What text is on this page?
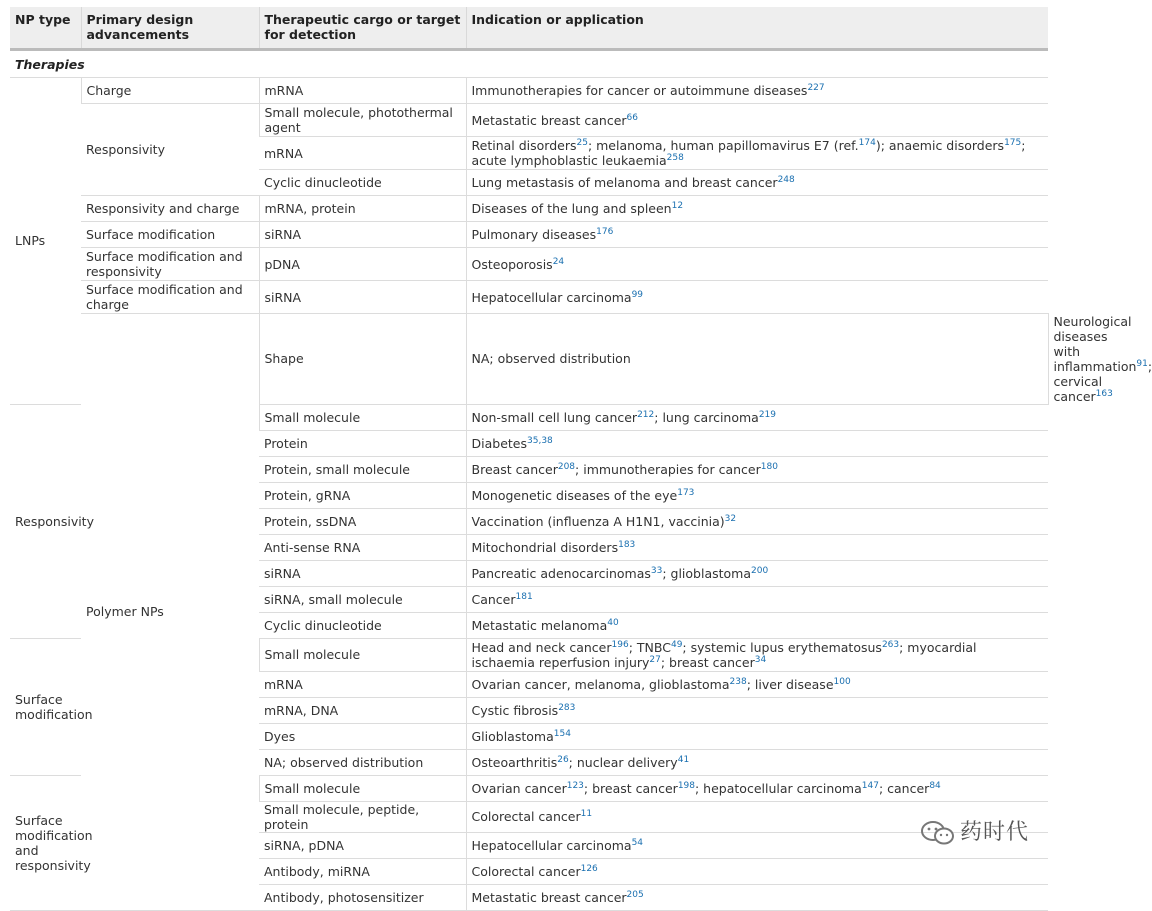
NP type	Primary design advancements	Therapeutic cargo or target for detection	Indication or application	
Therapies				
LNPs	Charge	mRNA	Immunotherapies for cancer or autoimmune diseases$^{227}$
	Responsivity	Small molecule, photothermal agent	Metastatic breast cancer$^{66}$
		mRNA	Retinal disorders$^{25}$; melanoma, human papillomavirus E7 (ref.$^{174}$); anaemic disorders$^{175}$; acute lymphoblastic leukaemia$^{258}$
		Cyclic dinucleotide	Lung metastasis of melanoma and breast cancer$^{248}$
	Responsivity and charge	mRNA, protein	Diseases of the lung and spleen$^{12}$
	Surface modification	siRNA	Pulmonary diseases$^{176}$
	Surface modification and responsivity	pDNA	Osteoporosis$^{24}$
	Surface modification and charge	siRNA	Hepatocellular carcinoma$^{99}$
	Polymer NPs	Shape	NA; observed distribution	Neurological diseases with inflammation$^{91}$; cervical cancer$^{163}$
Responsivity		Small molecule	Non-small cell lung cancer$^{212}$; lung carcinoma$^{219}$
		Protein	Diabetes$^{35,38}$
		Protein, small molecule	Breast cancer$^{208}$; immunotherapies for cancer$^{180}$
		Protein, gRNA	Monogenetic diseases of the eye$^{173}$
		Protein, ssDNA	Vaccination (influenza A H1N1, vaccinia)$^{32}$
		Anti-sense RNA	Mitochondrial disorders$^{183}$
		siRNA	Pancreatic adenocarcinomas$^{33}$; glioblastoma$^{200}$
		siRNA, small molecule	Cancer$^{181}$
		Cyclic dinucleotide	Metastatic melanoma$^{40}$
Surface modification		Small molecule	Head and neck cancer$^{196}$; TNBC$^{49}$; systemic lupus erythematosus$^{263}$; myocardial ischaemia reperfusion injury$^{27}$; breast cancer$^{34}$
		mRNA	Ovarian cancer, melanoma, glioblastoma$^{238}$; liver disease$^{100}$
		mRNA, DNA	Cystic fibrosis$^{283}$
		Dyes	Glioblastoma$^{154}$
		NA; observed distribution	Osteoarthritis$^{26}$; nuclear delivery$^{41}$
Surface modification and responsivity		Small molecule	Ovarian cancer$^{123}$; breast cancer$^{198}$; hepatocellular carcinoma$^{147}$; cancer$^{84}$
		Small molecule, peptide, protein	Colorectal cancer$^{11}$
		siRNA, pDNA	Hepatocellular carcinoma$^{54}$
		Antibody, miRNA	Colorectal cancer$^{126}$
		Antibody, photosensitizer	Metastatic breast cancer$^{205}$
药时代
